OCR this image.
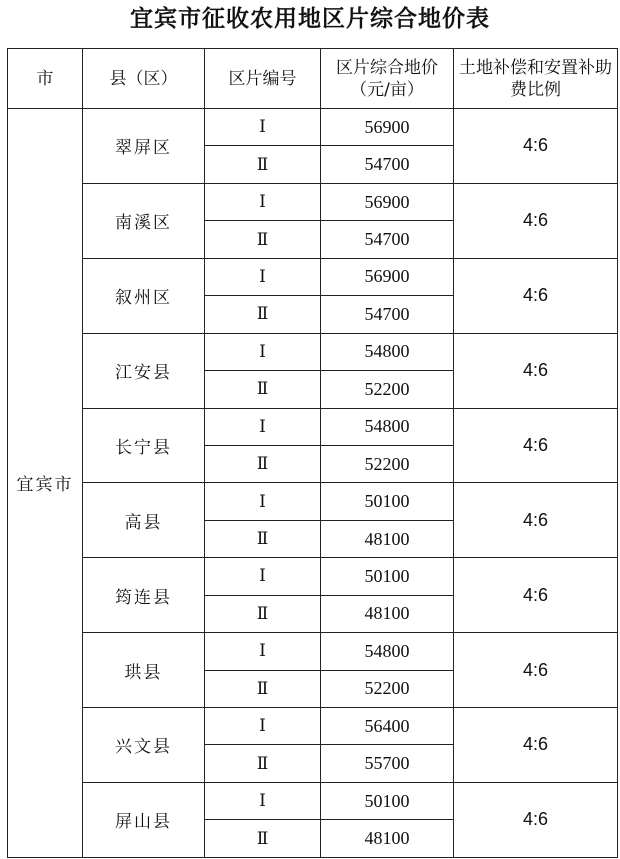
宜宾市征收农用地区片综合地价表
市	县（区）	区片编号	区片综合地价（元/亩）	土地补偿和安置补助费比例
宜宾市	翠屏区	Ⅰ	56900	4:6
		Ⅱ	54700	
	南溪区	Ⅰ	56900	4:6
		Ⅱ	54700	
	叙州区	Ⅰ	56900	4:6
		Ⅱ	54700	
	江安县	Ⅰ	54800	4:6
		Ⅱ	52200	
	长宁县	Ⅰ	54800	4:6
		Ⅱ	52200	
	高县	Ⅰ	50100	4:6
		Ⅱ	48100	
	筠连县	Ⅰ	50100	4:6
		Ⅱ	48100	
	珙县	Ⅰ	54800	4:6
		Ⅱ	52200	
	兴文县	Ⅰ	56400	4:6
		Ⅱ	55700	
	屏山县	Ⅰ	50100	4:6
		Ⅱ	48100	
